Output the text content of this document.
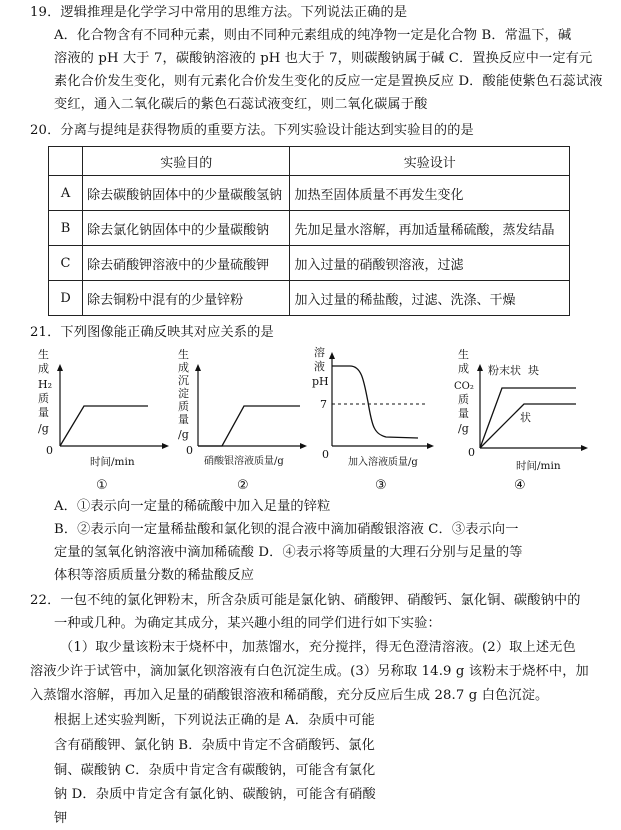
19．逻辑推理是化学学习中常用的思维方法。下列说法正确的是
A．化合物含有不同种元素，则由不同种元素组成的纯净物一定是化合物 B．常温下，碱
溶液的 pH 大于 7，碳酸钠溶液的 pH 也大于 7，则碳酸钠属于碱 C．置换反应中一定有元
素化合价发生变化，则有元素化合价发生变化的反应一定是置换反应 D．酸能使紫色石蕊试液
变红，通入二氧化碳后的紫色石蕊试液变红，则二氧化碳属于酸
20．分离与提纯是获得物质的重要方法。下列实验设计能达到实验目的的是
	实验目的	实验设计
A	除去碳酸钠固体中的少量碳酸氢钠	加热至固体质量不再发生变化
B	除去氯化钠固体中的少量碳酸钠	先加足量水溶解，再加适量稀硫酸，蒸发结晶
C	除去硝酸钾溶液中的少量硫酸钾	加入过量的硝酸钡溶液，过滤
D	除去铜粉中混有的少量锌粉	加入过量的稀盐酸，过滤、洗涤、干燥
21．下列图像能正确反映其对应关系的是
生
成
H₂
质
量
/g
0
时间/min
①
生
成
沉
淀
质
量
/g
0
硝酸银溶液质量/g
②
溶
液
pH
7
0
加入溶液质量/g
③
生
成
CO₂
质
量
/g
粉末状 块
状
0
时间/min
④
A．①表示向一定量的稀硫酸中加入足量的锌粒
B．②表示向一定量稀盐酸和氯化钡的混合液中滴加硝酸银溶液 C．③表示向一
定量的氢氧化钠溶液中滴加稀硫酸 D．④表示将等质量的大理石分别与足量的等
体积等溶质质量分数的稀盐酸反应
22．一包不纯的氯化钾粉末，所含杂质可能是氯化钠、硝酸钾、硝酸钙、氯化铜、碳酸钠中的
一种或几种。为确定其成分，某兴趣小组的同学们进行如下实验：
（1）取少量该粉末于烧杯中，加蒸馏水，充分搅拌，得无色澄清溶液。(2）取上述无色
溶液少许于试管中，滴加氯化钡溶液有白色沉淀生成。(3）另称取 14.9 g 该粉末于烧杯中，加
入蒸馏水溶解，再加入足量的硝酸银溶液和稀硝酸，充分反应后生成 28.7 g 白色沉淀。
根据上述实验判断，下列说法正确的是 A．杂质中可能
含有硝酸钾、氯化钠 B．杂质中肯定不含硝酸钙、氯化
铜、碳酸钠 C．杂质中肯定含有碳酸钠，可能含有氯化
钠 D．杂质中肯定含有氯化钠、碳酸钠，可能含有硝酸
钾
